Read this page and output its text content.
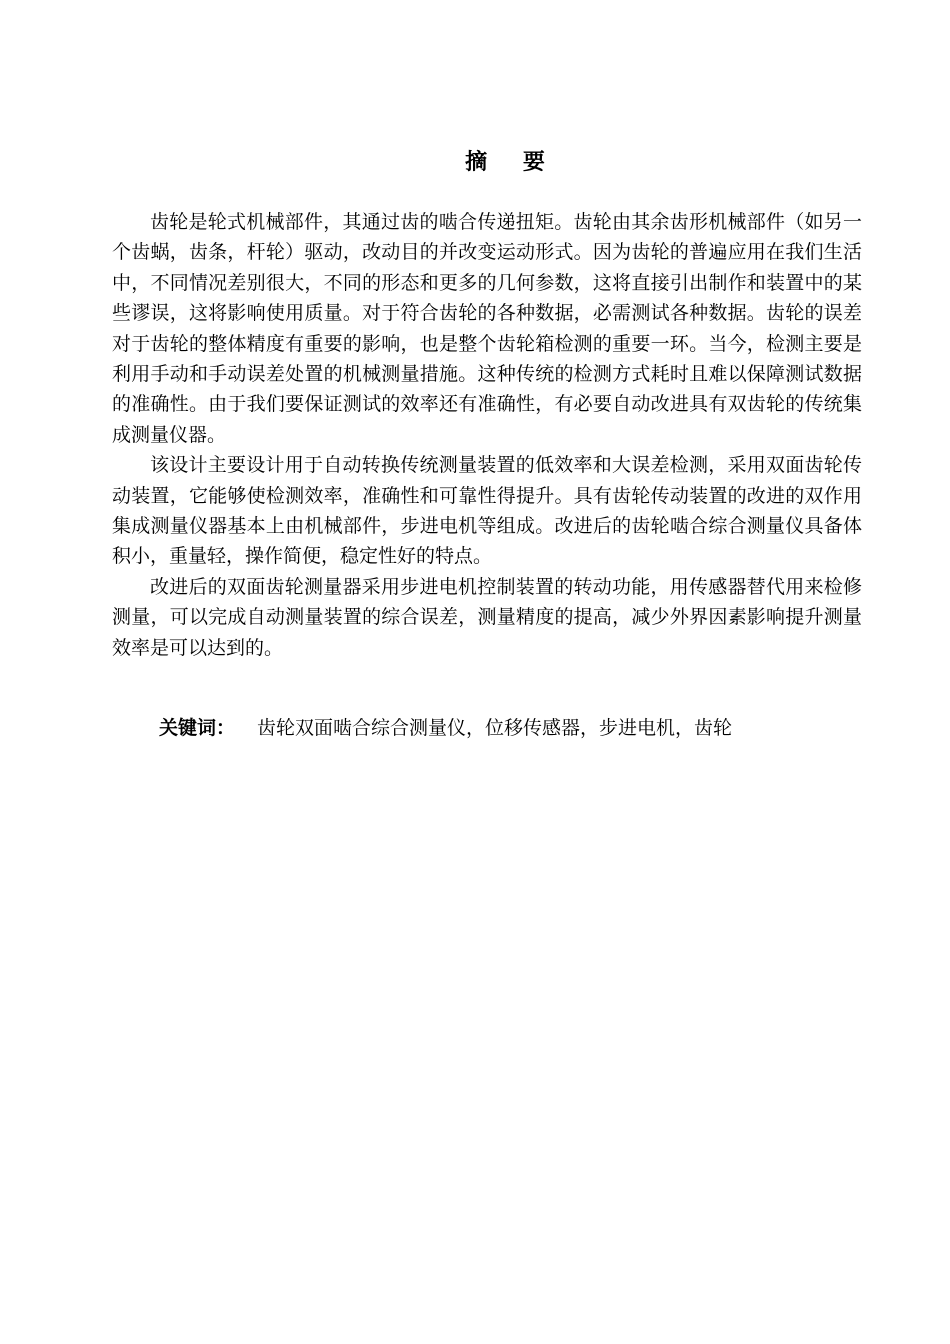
摘 要

齿轮是轮式机械部件，其通过齿的啮合传递扭矩。齿轮由其余齿形机械部件（如另一个齿蜗，齿条，杆轮）驱动，改动目的并改变运动形式。因为齿轮的普遍应用在我们生活中，不同情况差别很大，不同的形态和更多的几何参数，这将直接引出制作和装置中的某些谬误，这将影响使用质量。对于符合齿轮的各种数据，必需测试各种数据。齿轮的误差对于齿轮的整体精度有重要的影响，也是整个齿轮箱检测的重要一环。当今，检测主要是利用手动和手动误差处置的机械测量措施。这种传统的检测方式耗时且难以保障测试数据的准确性。由于我们要保证测试的效率还有准确性，有必要自动改进具有双齿轮的传统集成测量仪器。

该设计主要设计用于自动转换传统测量装置的低效率和大误差检测，采用双面齿轮传动装置，它能够使检测效率，准确性和可靠性得提升。具有齿轮传动装置的改进的双作用集成测量仪器基本上由机械部件，步进电机等组成。改进后的齿轮啮合综合测量仪具备体积小，重量轻，操作简便，稳定性好的特点。

改进后的双面齿轮测量器采用步进电机控制装置的转动功能，用传感器替代用来检修测量，可以完成自动测量装置的综合误差，测量精度的提高，减少外界因素影响提升测量效率是可以达到的。

关键词： 齿轮双面啮合综合测量仪，位移传感器，步进电机，齿轮
